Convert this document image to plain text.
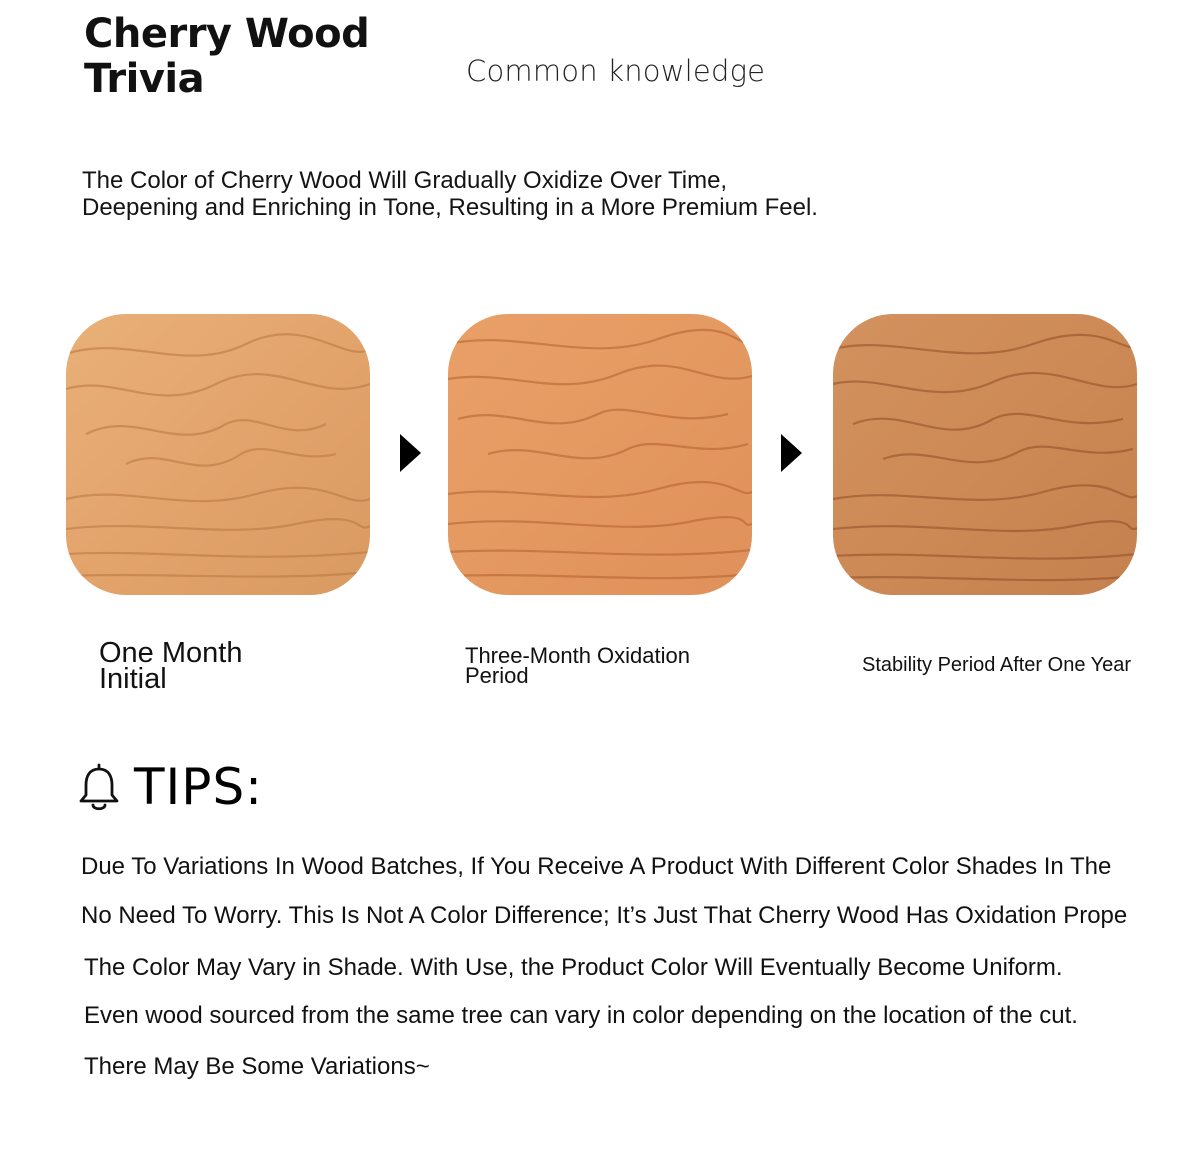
Cherry Wood
Trivia	Common knowledge
The Color of Cherry Wood Will Gradually Oxidize Over Time,
Deepening and Enriching in Tone, Resulting in a More Premium Feel.
One Month
Initial
Three-Month Oxidation
Period	Stability Period After One Year
TIPS:
Due To Variations In Wood Batches, If You Receive A Product With Different Color Shades In The
No Need To Worry. This Is Not A Color Difference; It’s Just That Cherry Wood Has Oxidation Prope
The Color May Vary in Shade. With Use, the Product Color Will Eventually Become Uniform.
Even wood sourced from the same tree can vary in color depending on the location of the cut.
There May Be Some Variations~
